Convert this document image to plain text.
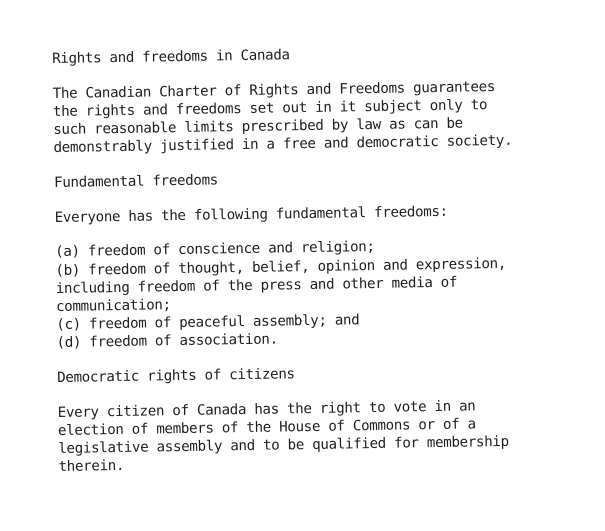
Rights and freedoms in Canada
The Canadian Charter of Rights and Freedoms guarantees
the rights and freedoms set out in it subject only to
such reasonable limits prescribed by law as can be
demonstrably justified in a free and democratic society.
Fundamental freedoms
Everyone has the following fundamental freedoms:
(a) freedom of conscience and religion;
(b) freedom of thought, belief, opinion and expression,
including freedom of the press and other media of
communication;
(c) freedom of peaceful assembly; and
(d) freedom of association.
Democratic rights of citizens
Every citizen of Canada has the right to vote in an
election of members of the House of Commons or of a
legislative assembly and to be qualified for membership
therein.
